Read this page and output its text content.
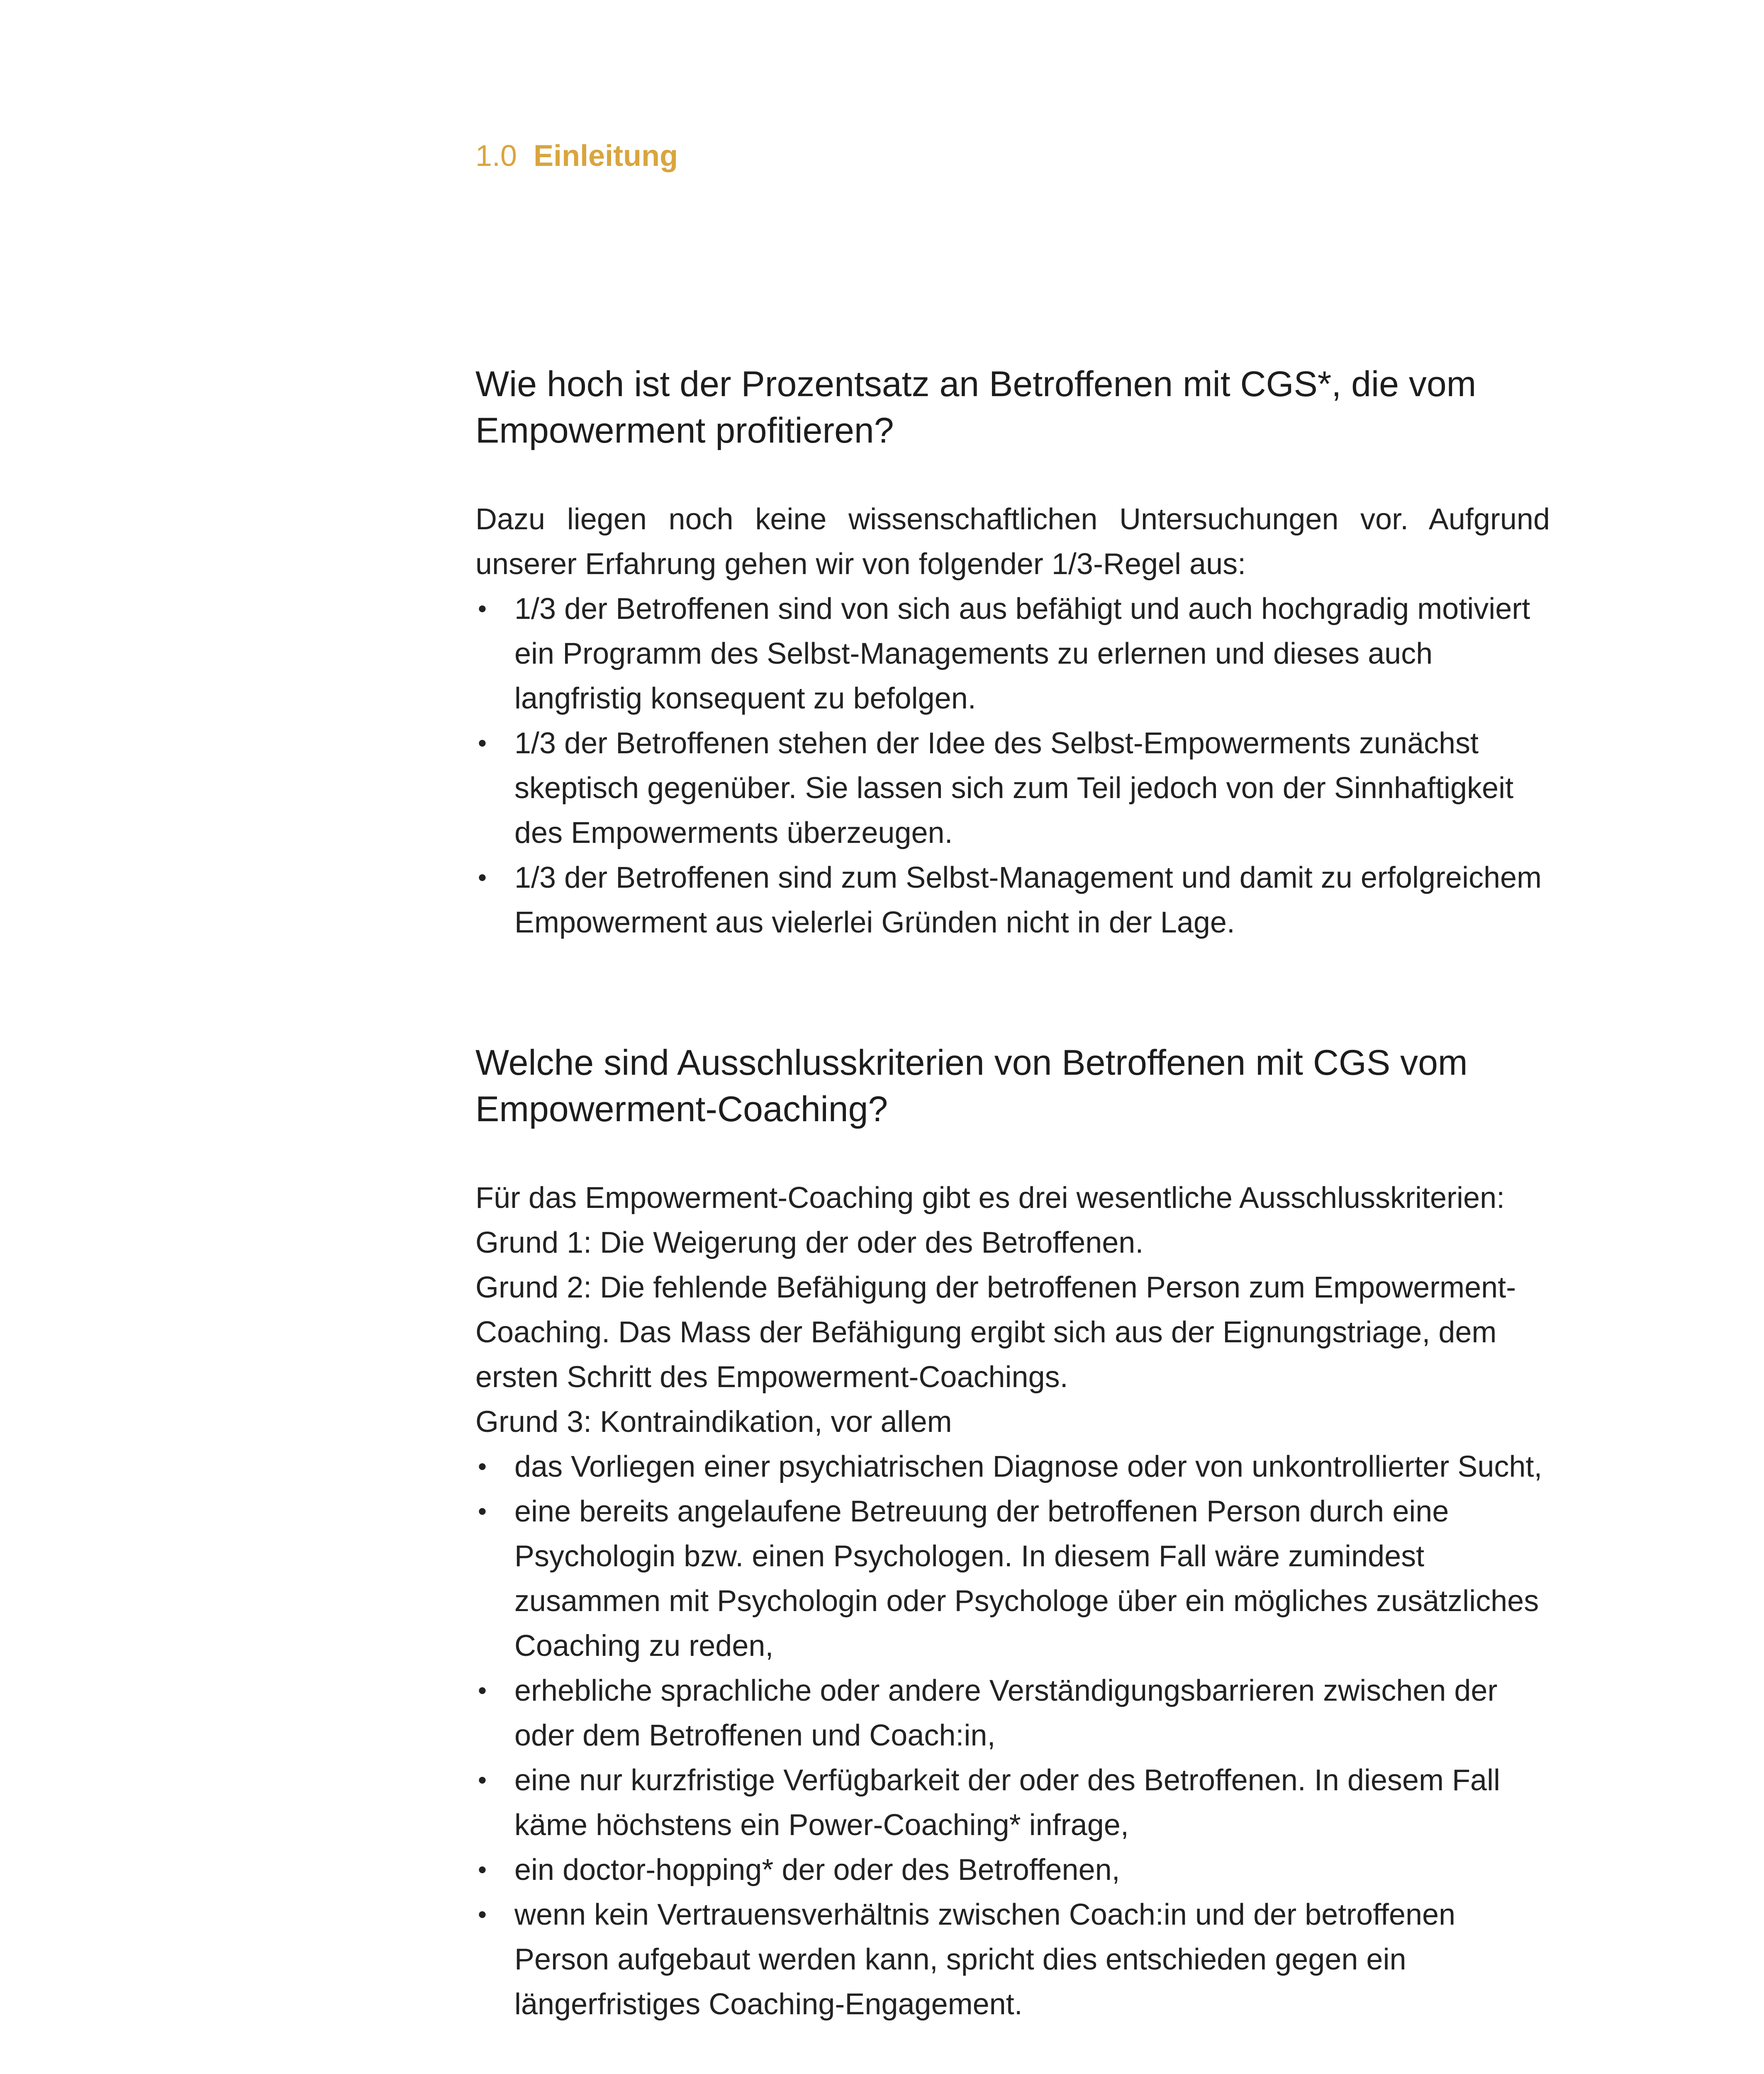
1.0 Einleitung
Wie hoch ist der Prozentsatz an Betroffenen mit CGS*, die vom Empowerment profitieren?

Dazu liegen noch keine wissenschaftlichen Untersuchungen vor. Aufgrund unserer Erfahrung gehen wir von folgender 1/3-Regel aus:

• 1/3 der Betroffenen sind von sich aus befähigt und auch hochgradig motiviert ein Programm des Selbst-Managements zu erlernen und dieses auch langfristig konsequent zu befolgen.
• 1/3 der Betroffenen stehen der Idee des Selbst-Empowerments zunächst skeptisch gegenüber. Sie lassen sich zum Teil jedoch von der Sinnhaftigkeit des Empowerments überzeugen.
• 1/3 der Betroffenen sind zum Selbst-Management und damit zu erfolgreichem Empowerment aus vielerlei Gründen nicht in der Lage.
Welche sind Ausschlusskriterien von Betroffenen mit CGS vom Empowerment-Coaching?

Für das Empowerment-Coaching gibt es drei wesentliche Ausschlusskriterien:

Grund 1: Die Weigerung der oder des Betroffenen.

Grund 2: Die fehlende Befähigung der betroffenen Person zum Empowerment-Coaching. Das Mass der Befähigung ergibt sich aus der Eignungstriage, dem ersten Schritt des Empowerment-Coachings.

Grund 3: Kontraindikation, vor allem

• das Vorliegen einer psychiatrischen Diagnose oder von unkontrollierter Sucht,
• eine bereits angelaufene Betreuung der betroffenen Person durch eine Psychologin bzw. einen Psychologen. In diesem Fall wäre zumindest zusammen mit Psychologin oder Psychologe über ein mögliches zusätzliches Coaching zu reden,
• erhebliche sprachliche oder andere Verständigungsbarrieren zwischen der oder dem Betroffenen und Coach:in,
• eine nur kurzfristige Verfügbarkeit der oder des Betroffenen. In diesem Fall käme höchstens ein Power-Coaching* infrage,
• ein doctor-hopping* der oder des Betroffenen,
• wenn kein Vertrauensverhältnis zwischen Coach:in und der betroffenen Person aufgebaut werden kann, spricht dies entschieden gegen ein längerfristiges Coaching-Engagement.
